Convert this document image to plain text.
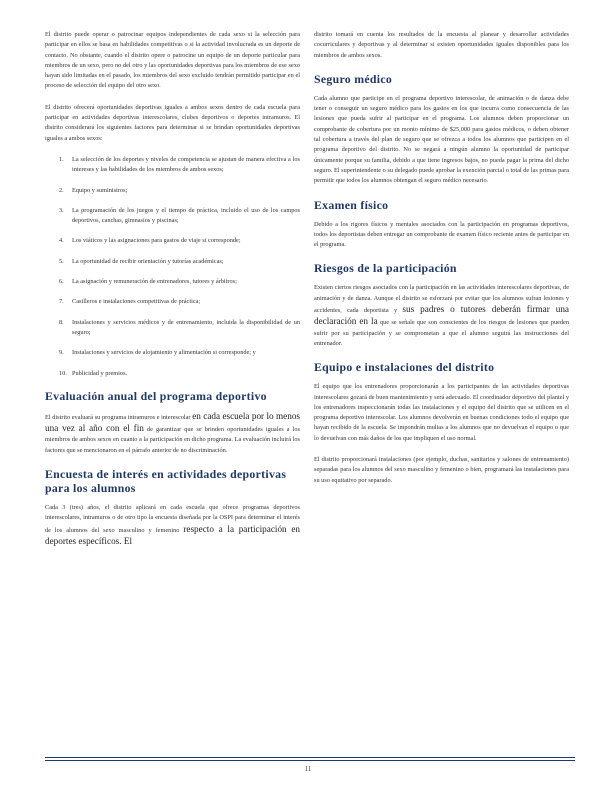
El distrito puede operar o patrocinar equipos independientes de cada sexo si la selección para participar en ellos se basa en habilidades competitivas o si la actividad involucrada es un deporte de contacto. No obstante, cuando el distrito opere o patrocine un equipo de un deporte particular para miembros de un sexo, pero no del otro y las oportunidades deportivas para los miembros de ese sexo hayan sido limitadas en el pasado, los miembros del sexo excluido tendrán permitido participar en el proceso de selección del equipo del otro sexo.

El distrito ofrecerá oportunidades deportivas iguales a ambos sexos dentro de cada escuela para participar en actividades deportivas interescolares, clubes deportivos o deportes intramuros. El distrito considerará los siguientes factores para determinar si se brindan oportunidades deportivas iguales a ambos sexos:

1. La selección de los deportes y niveles de competencia se ajustan de manera efectiva a los intereses y las habilidades de los miembros de ambos sexos;
2. Equipo y suministros;
3. La programación de los juegos y el tiempo de práctica, incluido el uso de los campos deportivos, canchas, gimnasios y piscinas;
4. Los viáticos y las asignaciones para gastos de viaje si corresponde;
5. La oportunidad de recibir orientación y tutorías académicas;
6. La asignación y remuneración de entrenadores, tutores y árbitros;
7. Casilleros e instalaciones competitivas de práctica;
8. Instalaciones y servicios médicos y de entrenamiento, incluida la disponibilidad de un seguro;
9. Instalaciones y servicios de alojamiento y alimentación si corresponde; y
10. Publicidad y premios.
Evaluación anual del programa deportivo

El distrito evaluará su programa intramuros e interescolar en cada escuela por lo menos una vez al año con el fin de garantizar que se brinden oportunidades iguales a los miembros de ambos sexos en cuanto a la participación en dicho programa. La evaluación incluirá los factores que se mencionaron en el párrafo anterior de no discriminación.

Encuesta de interés en actividades deportivas para los alumnos

Cada 3 (tres) años, el distrito aplicará en cada escuela que ofrece programas deportivos interescolares, intramuros o de otro tipo la encuesta diseñada por la OSPI para determinar el interés de los alumnos del sexo masculino y femenino respecto a la participación en deportes específicos. El

distrito tomará en cuenta los resultados de la encuesta al planear y desarrollar actividades cocurriculares y deportivas y al determinar si existen oportunidades iguales disponibles para los miembros de ambos sexos.

Seguro médico

Cada alumno que participe en el programa deportivo interescolar, de animación o de danza debe tener o conseguir un seguro médico para los gastos en los que incurra como consecuencia de las lesiones que pueda sufrir al participar en el programa. Los alumnos deben proporcionar un comprobante de cobertura por un monto mínimo de $25,000 para gastos médicos, o deben obtener tal cobertura a través del plan de seguro que se ofrezca a todos los alumnos que participen en el programa deportivo del distrito. No se negará a ningún alumno la oportunidad de participar únicamente porque su familia, debido a que tiene ingresos bajos, no pueda pagar la prima del dicho seguro. El superintendente o su delegado puede aprobar la exención parcial o total de las primas para permitir que todos los alumnos obtengan el seguro médico necesario.

Examen físico

Debido a los rigores físicos y mentales asociados con la participación en programas deportivos, todos los deportistas deben entregar un comprobante de examen físico reciente antes de participar en el programa.

Riesgos de la participación

Existen ciertos riesgos asociados con la participación en las actividades interescolares deportivas, de animación y de danza. Aunque el distrito se esforzará por evitar que los alumnos sufran lesiones y accidentes, cada deportista y sus padres o tutores deberán firmar una declaración en la que se señale que son conscientes de los riesgos de lesiones que pueden sufrir por su participación y se comprometan a que el alumno seguirá las instrucciones del entrenador.

Equipo e instalaciones del distrito

El equipo que los entrenadores proporcionarán a los participantes de las actividades deportivas interescolares gozará de buen mantenimiento y será adecuado. El coordinador deportivo del plantel y los entrenadores inspeccionarán todas las instalaciones y el equipo del distrito que se utilicen en el programa deportivo interescolar. Los alumnos devolverán en buenas condiciones todo el equipo que hayan recibido de la escuela. Se impondrán multas a los alumnos que no devuelvan el equipo o que lo devuelvan con más daños de los que impliquen el uso normal.

El distrito proporcionará instalaciones (por ejemplo, duchas, sanitarios y salones de entrenamiento) separadas para los alumnos del sexo masculino y femenino o bien, programará las instalaciones para su uso equitativo por separado.

11
